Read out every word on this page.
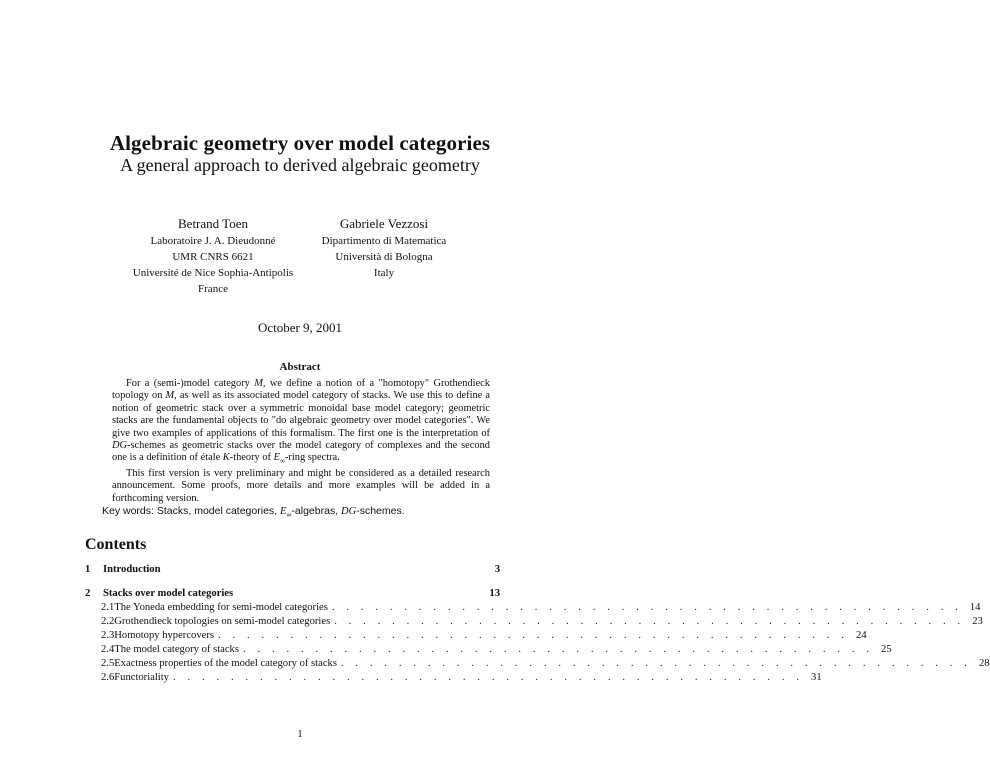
Algebraic geometry over model categories
A general approach to derived algebraic geometry
Betrand Toen
Laboratoire J. A. Dieudonné
UMR CNRS 6621
Université de Nice Sophia-Antipolis
France
Gabriele Vezzosi
Dipartimento di Matematica
Università di Bologna
Italy
October 9, 2001
Abstract

For a (semi-)model category M, we define a notion of a "homotopy" Grothendieck topology on M, as well as its associated model category of stacks. We use this to define a notion of geometric stack over a symmetric monoidal base model category; geometric stacks are the fundamental objects to "do algebraic geometry over model categories". We give two examples of applications of this formalism. The first one is the interpretation of DG-schemes as geometric stacks over the model category of complexes and the second one is a definition of étale K-theory of $E_\infty$-ring spectra.

This first version is very preliminary and might be considered as a detailed research announcement. Some proofs, more details and more examples will be added in a forthcoming version.

Key words: Stacks, model categories, $E_\infty$-algebras, DG-schemes.
Contents
1	Introduction	3
2	Stacks over model categories	13
2.1 The Yoneda embedding for semi-model categories . . . . . . . . . . . . . . . . . . . . . . . . . . . . . . . . . . . . . . . . . . . . 14
2.2 Grothendieck topologies on semi-model categories . . . . . . . . . . . . . . . . . . . . . . . . . . . . . . . . . . . . . . . . . . . . 23
2.3 Homotopy hypercovers . . . . . . . . . . . . . . . . . . . . . . . . . . . . . . . . . . . . . . . . . . . . 24
2.4 The model category of stacks . . . . . . . . . . . . . . . . . . . . . . . . . . . . . . . . . . . . . . . . . . . . 25
2.5 Exactness properties of the model category of stacks . . . . . . . . . . . . . . . . . . . . . . . . . . . . . . . . . . . . . . . . . . . . 28
2.6 Functoriality . . . . . . . . . . . . . . . . . . . . . . . . . . . . . . . . . . . . . . . . . . . . 31
1
